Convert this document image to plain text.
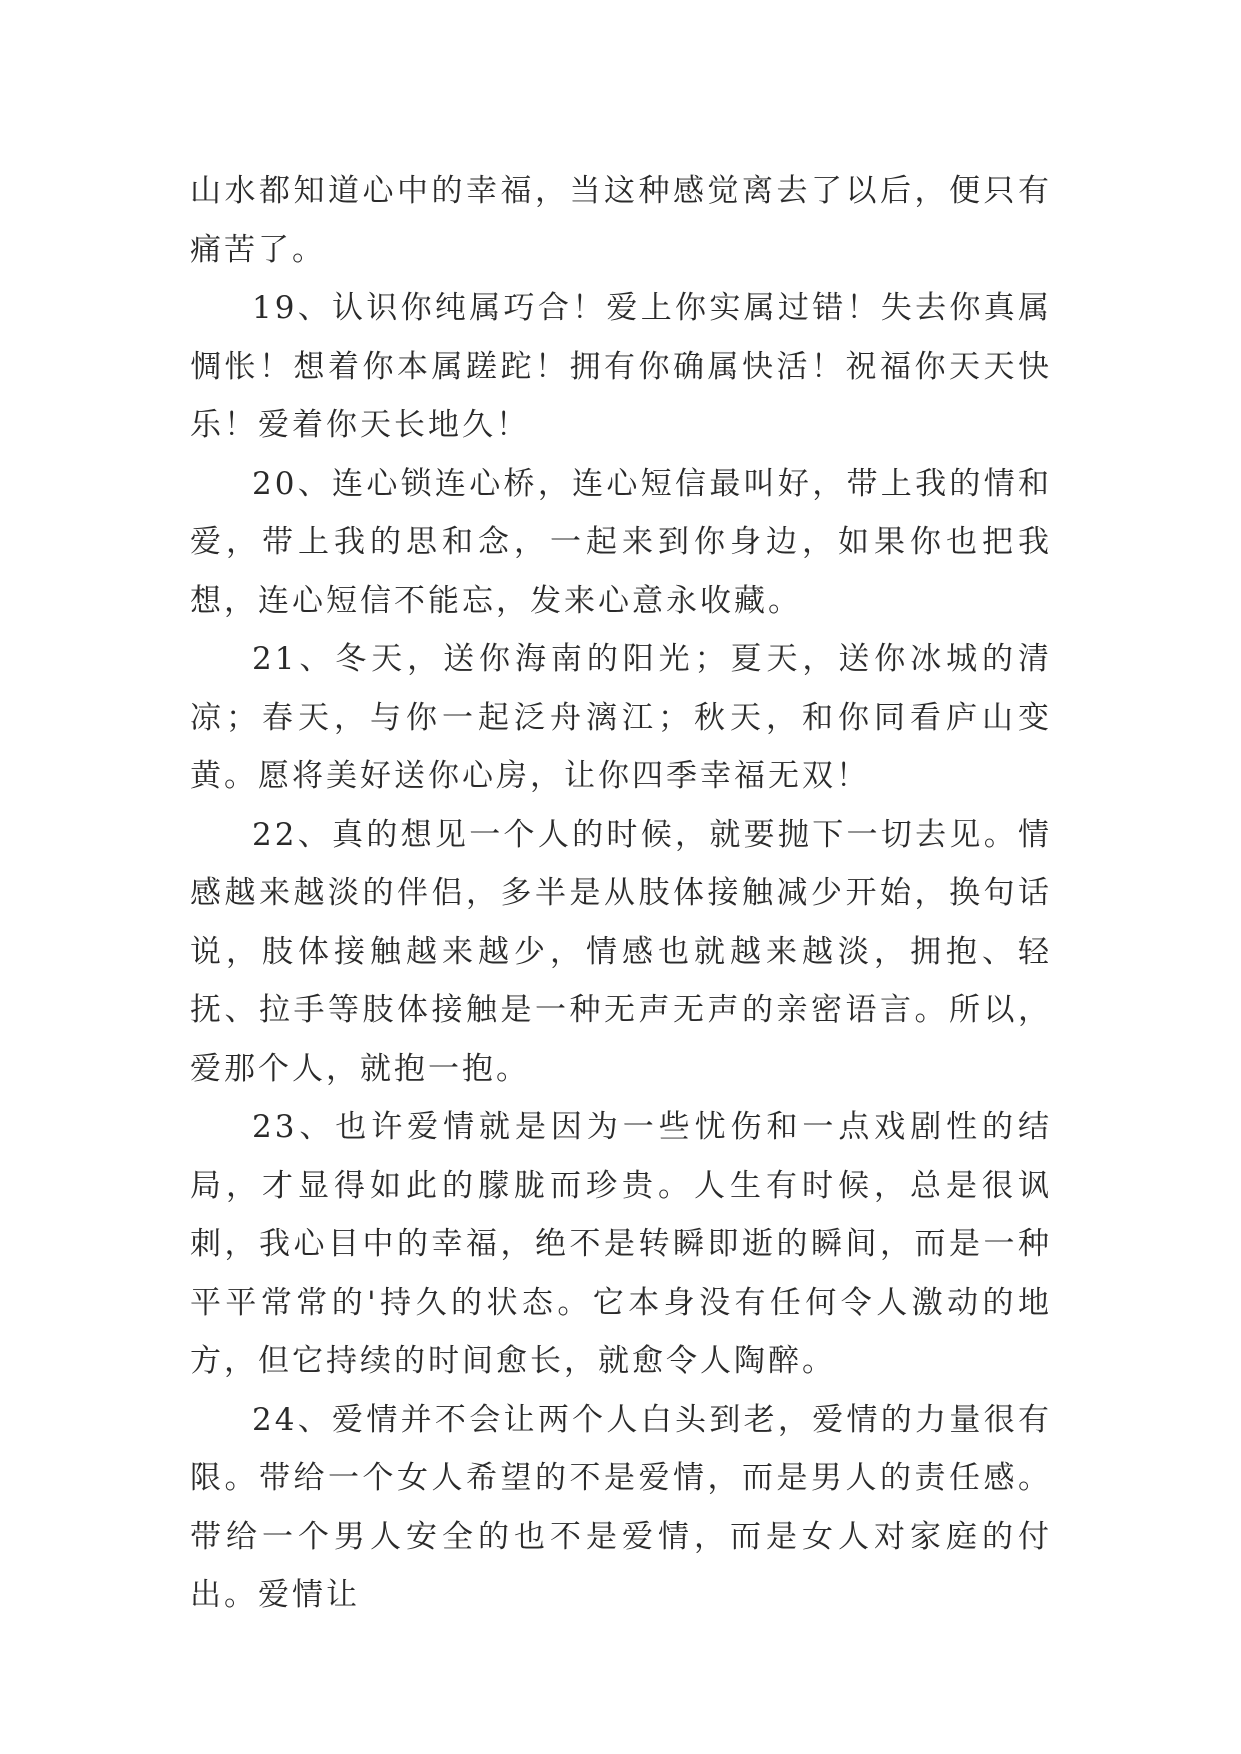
山水都知道心中的幸福，当这种感觉离去了以后，便只有痛苦了。

19、认识你纯属巧合！爱上你实属过错！失去你真属惆怅！想着你本属蹉跎！拥有你确属快活！祝福你天天快乐！爱着你天长地久！

20、连心锁连心桥，连心短信最叫好，带上我的情和爱，带上我的思和念，一起来到你身边，如果你也把我想，连心短信不能忘，发来心意永收藏。

21、冬天，送你海南的阳光；夏天，送你冰城的清凉；春天，与你一起泛舟漓江；秋天，和你同看庐山变黄。愿将美好送你心房，让你四季幸福无双！

22、真的想见一个人的时候，就要抛下一切去见。情感越来越淡的伴侣，多半是从肢体接触减少开始，换句话说，肢体接触越来越少，情感也就越来越淡，拥抱、轻抚、拉手等肢体接触是一种无声无声的亲密语言。所以，爱那个人，就抱一抱。

23、也许爱情就是因为一些忧伤和一点戏剧性的结局，才显得如此的朦胧而珍贵。人生有时候，总是很讽刺，我心目中的幸福，绝不是转瞬即逝的瞬间，而是一种平平常常的'持久的状态。它本身没有任何令人激动的地方，但它持续的时间愈长，就愈令人陶醉。

24、爱情并不会让两个人白头到老，爱情的力量很有限。带给一个女人希望的不是爱情，而是男人的责任感。带给一个男人安全的也不是爱情，而是女人对家庭的付出。爱情让
